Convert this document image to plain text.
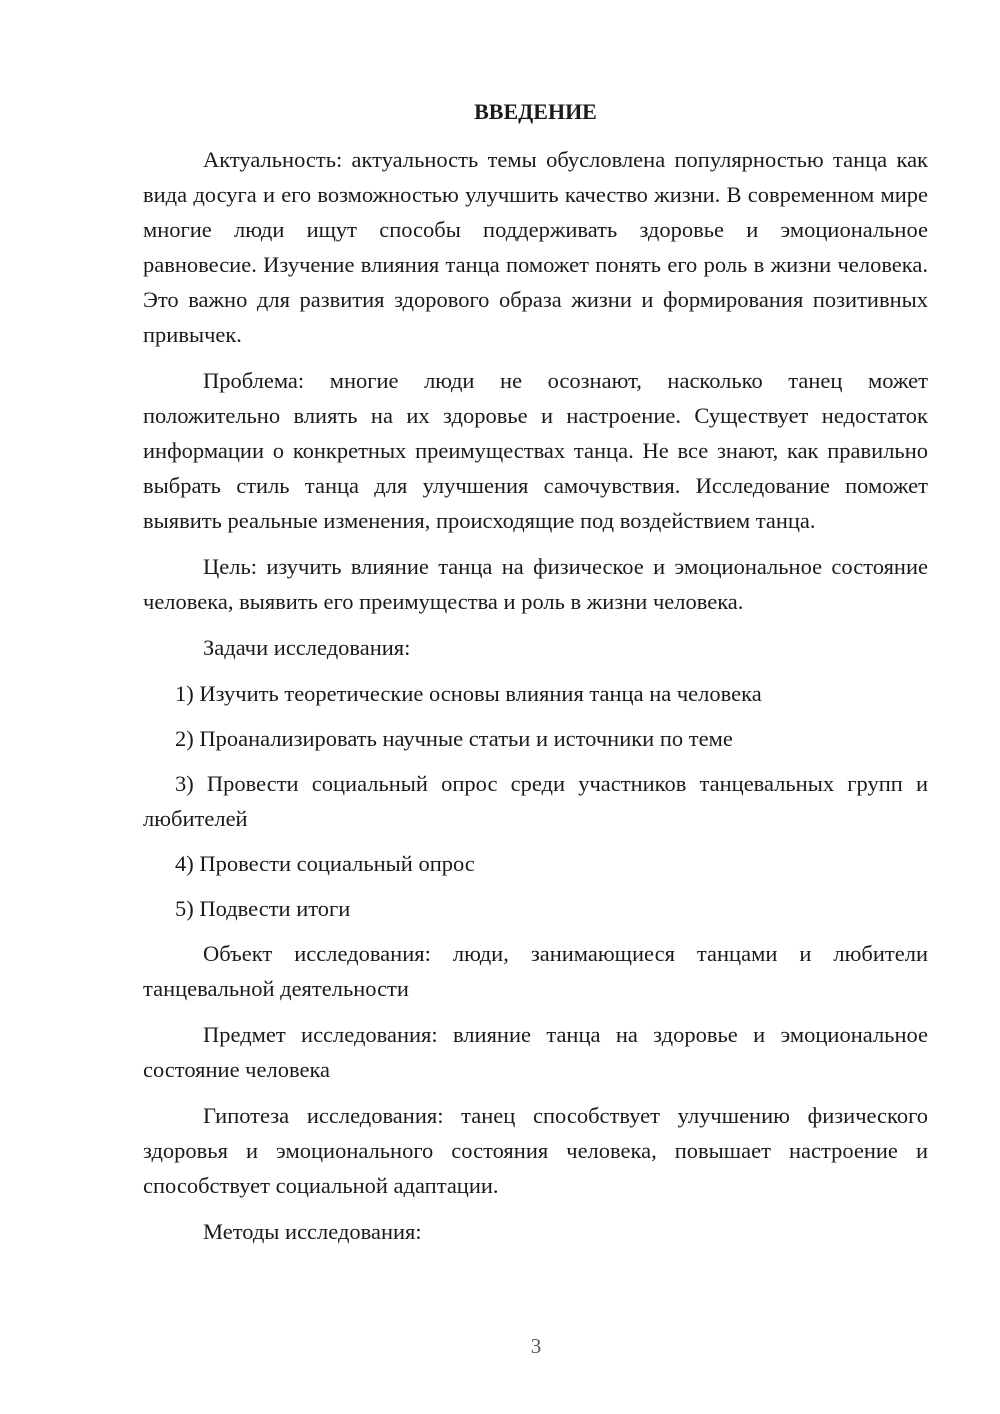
ВВЕДЕНИЕ

Актуальность: актуальность темы обусловлена популярностью танца как вида досуга и его возможностью улучшить качество жизни. В современном мире многие люди ищут способы поддерживать здоровье и эмоциональное равновесие. Изучение влияния танца поможет понять его роль в жизни человека. Это важно для развития здорового образа жизни и формирования позитивных привычек.

Проблема: многие люди не осознают, насколько танец может положительно влиять на их здоровье и настроение. Существует недостаток информации о конкретных преимуществах танца. Не все знают, как правильно выбрать стиль танца для улучшения самочувствия. Исследование поможет выявить реальные изменения, происходящие под воздействием танца.

Цель: изучить влияние танца на физическое и эмоциональное состояние человека, выявить его преимущества и роль в жизни человека.

Задачи исследования:

1) Изучить теоретические основы влияния танца на человека

2) Проанализировать научные статьи и источники по теме

3) Провести социальный опрос среди участников танцевальных групп и любителей

4) Провести социальный опрос

5) Подвести итоги

Объект исследования: люди, занимающиеся танцами и любители танцевальной деятельности

Предмет исследования: влияние танца на здоровье и эмоциональное состояние человека

Гипотеза исследования: танец способствует улучшению физического здоровья и эмоционального состояния человека, повышает настроение и способствует социальной адаптации.

Методы исследования:

3
